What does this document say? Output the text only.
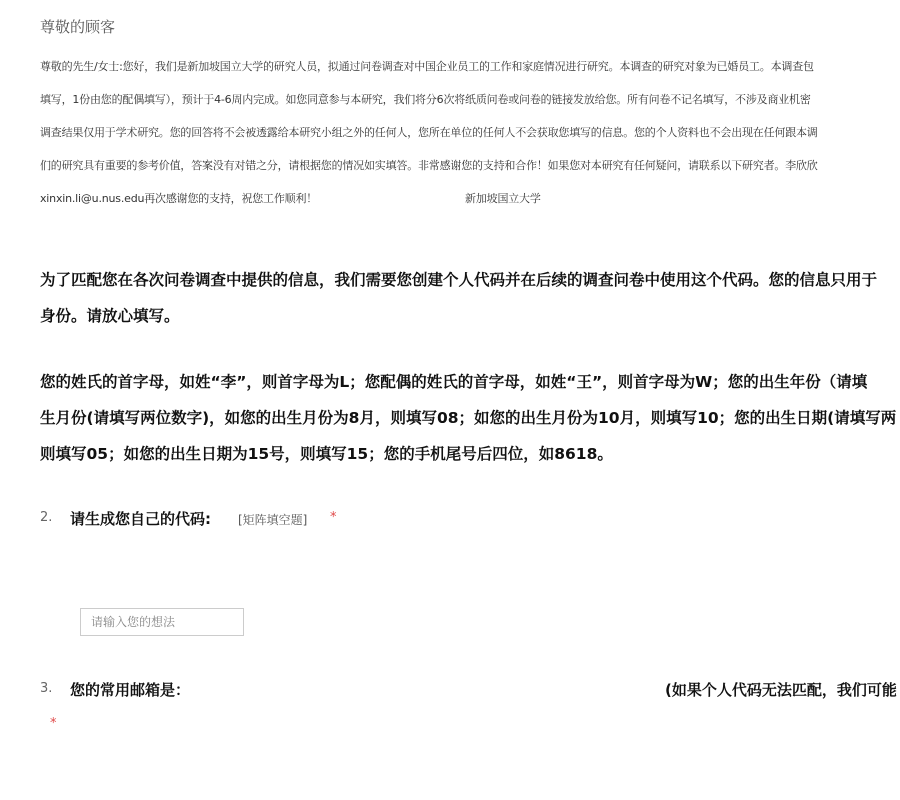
尊敬的顾客
尊敬的先生/女士:您好，我们是新加坡国立大学的研究人员，拟通过问卷调查对中国企业员工的工作和家庭情况进行研究。本调查的研究对象为已婚员工。本调查包
填写，1份由您的配偶填写），预计于4-6周内完成。如您同意参与本研究，我们将分6次将纸质问卷或问卷的链接发放给您。所有问卷不记名填写，不涉及商业机密
调查结果仅用于学术研究。您的回答将不会被透露给本研究小组之外的任何人，您所在单位的任何人不会获取您填写的信息。您的个人资料也不会出现在任何跟本调
们的研究具有重要的参考价值，答案没有对错之分，请根据您的情况如实填答。非常感谢您的支持和合作！如果您对本研究有任何疑问，请联系以下研究者。李欣欣
xinxin.li@u.nus.edu再次感谢您的支持，祝您工作顺利！	新加坡国立大学
为了匹配您在各次问卷调查中提供的信息，我们需要您创建个人代码并在后续的调查问卷中使用这个代码。您的信息只用于
身份。请放心填写。
您的姓氏的首字母，如姓“李”，则首字母为L；您配偶的姓氏的首字母，如姓“王”，则首字母为W；您的出生年份（请填
生月份(请填写两位数字)，如您的出生月份为8月，则填写08；如您的出生月份为10月，则填写10；您的出生日期(请填写两
则填写05；如您的出生日期为15号，则填写15；您的手机尾号后四位，如8618。
2. 请生成您自己的代码: [矩阵填空题] *
请输入您的想法
3. 您的常用邮箱是：	(如果个人代码无法匹配，我们可能
*
